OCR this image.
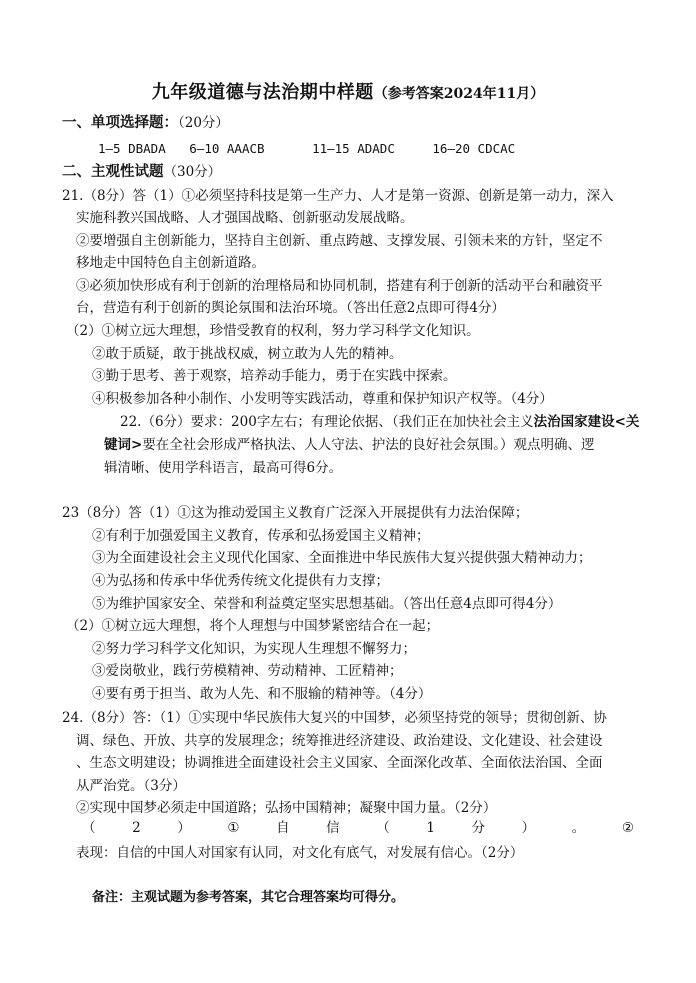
九年级道德与法治期中样题（参考答案2024年11月）
一、单项选择题：（20分）
1—5 DBADA 6—10 AAACB	11—15 ADADC	16—20 CDCAC
二、主观性试题（30分）
21.（8分）答（1）①必须坚持科技是第一生产力、人才是第一资源、创新是第一动力，深入
实施科教兴国战略、人才强国战略、创新驱动发展战略。
②要增强自主创新能力，坚持自主创新、重点跨越、支撑发展、引领未来的方针，坚定不
移地走中国特色自主创新道路。
③必须加快形成有利于创新的治理格局和协同机制，搭建有利于创新的活动平台和融资平
台，营造有利于创新的舆论氛围和法治环境。（答出任意2点即可得4分）
（2）①树立远大理想，珍惜受教育的权利，努力学习科学文化知识。
②敢于质疑，敢于挑战权威，树立敢为人先的精神。
③勤于思考、善于观察，培养动手能力，勇于在实践中探索。
④积极参加各种小制作、小发明等实践活动，尊重和保护知识产权等。（4分）
22.（6分）要求：200字左右；有理论依据、（我们正在加快社会主义法治国家建设<关
键词>要在全社会形成严格执法、人人守法、护法的良好社会氛围。）观点明确、逻
辑清晰、使用学科语言，最高可得6分。
23（8分）答（1）①这为推动爱国主义教育广泛深入开展提供有力法治保障；
②有利于加强爱国主义教育，传承和弘扬爱国主义精神；
③为全面建设社会主义现代化国家、全面推进中华民族伟大复兴提供强大精神动力；
④为弘扬和传承中华优秀传统文化提供有力支撑；
⑤为维护国家安全、荣誉和利益奠定坚实思想基础。（答出任意4点即可得4分）
（2）①树立远大理想，将个人理想与中国梦紧密结合在一起；
②努力学习科学文化知识，为实现人生理想不懈努力；
③爱岗敬业，践行劳模精神、劳动精神、工匠精神；
④要有勇于担当、敢为人先、和不服输的精神等。（4分）
24.（8分）答：（1）①实现中华民族伟大复兴的中国梦，必须坚持党的领导；贯彻创新、协
调、绿色、开放、共享的发展理念；统筹推进经济建设、政治建设、文化建设、社会建设
、生态文明建设；协调推进全面建设社会主义国家、全面深化改革、全面依法治国、全面
从严治党。（3分）
②实现中国梦必须走中国道路；弘扬中国精神；凝聚中国力量。（2分）
（	2	）	①	自	信	（	1	分	）	。	②
表现：自信的中国人对国家有认同，对文化有底气，对发展有信心。（2分）
备注：主观试题为参考答案，其它合理答案均可得分。
